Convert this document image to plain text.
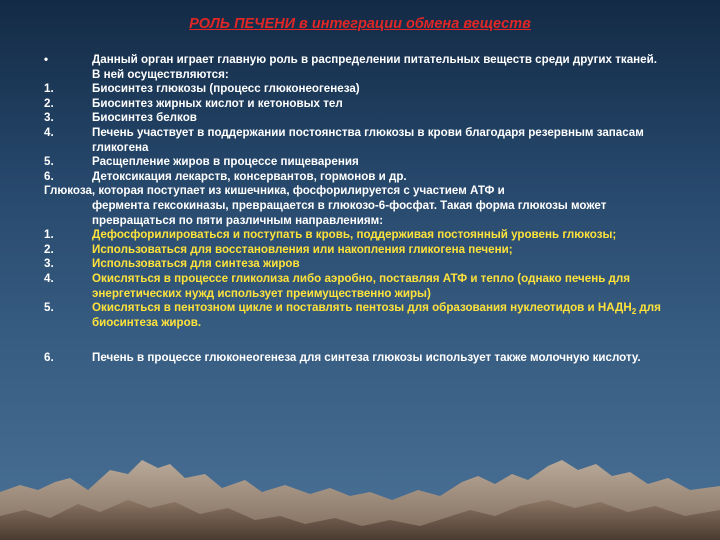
РОЛЬ ПЕЧЕНИ в интеграции обмена веществ
•	Данный орган играет главную роль в распределении питательных веществ среди других тканей. В ней осуществляются:
1.	Биосинтез глюкозы (процесс глюконеогенеза)
2.	Биосинтез жирных кислот и кетоновых тел
3.	Биосинтез белков
4.	Печень участвует в поддержании постоянства глюкозы в крови благодаря резервным запасам гликогена
5.	Расщепление жиров в процессе пищеварения
6.	Детоксикация лекарств, консервантов, гормонов и др.
Глюкоза, которая поступает из кишечника, фосфорилируется с участием АТФ и
фермента гексокиназы, превращается в глюкозо-6-фосфат. Такая форма глюкозы может превращаться по пяти различным направлениям:
1.	Дефосфорилироваться и поступать в кровь, поддерживая постоянный уровень глюкозы;
2.	Использоваться для восстановления или накопления гликогена печени;
3.	Использоваться для синтеза жиров
4.	Окисляться в процессе гликолиза либо аэробно, поставляя АТФ и тепло (однако печень для энергетических нужд использует преимущественно жиры)
5.	Окисляться в пентозном цикле и поставлять пентозы для образования нуклеотидов и $НАДН_2$ для биосинтеза жиров.
6.	Печень в процессе глюконеогенеза для синтеза глюкозы использует также молочную кислоту.
